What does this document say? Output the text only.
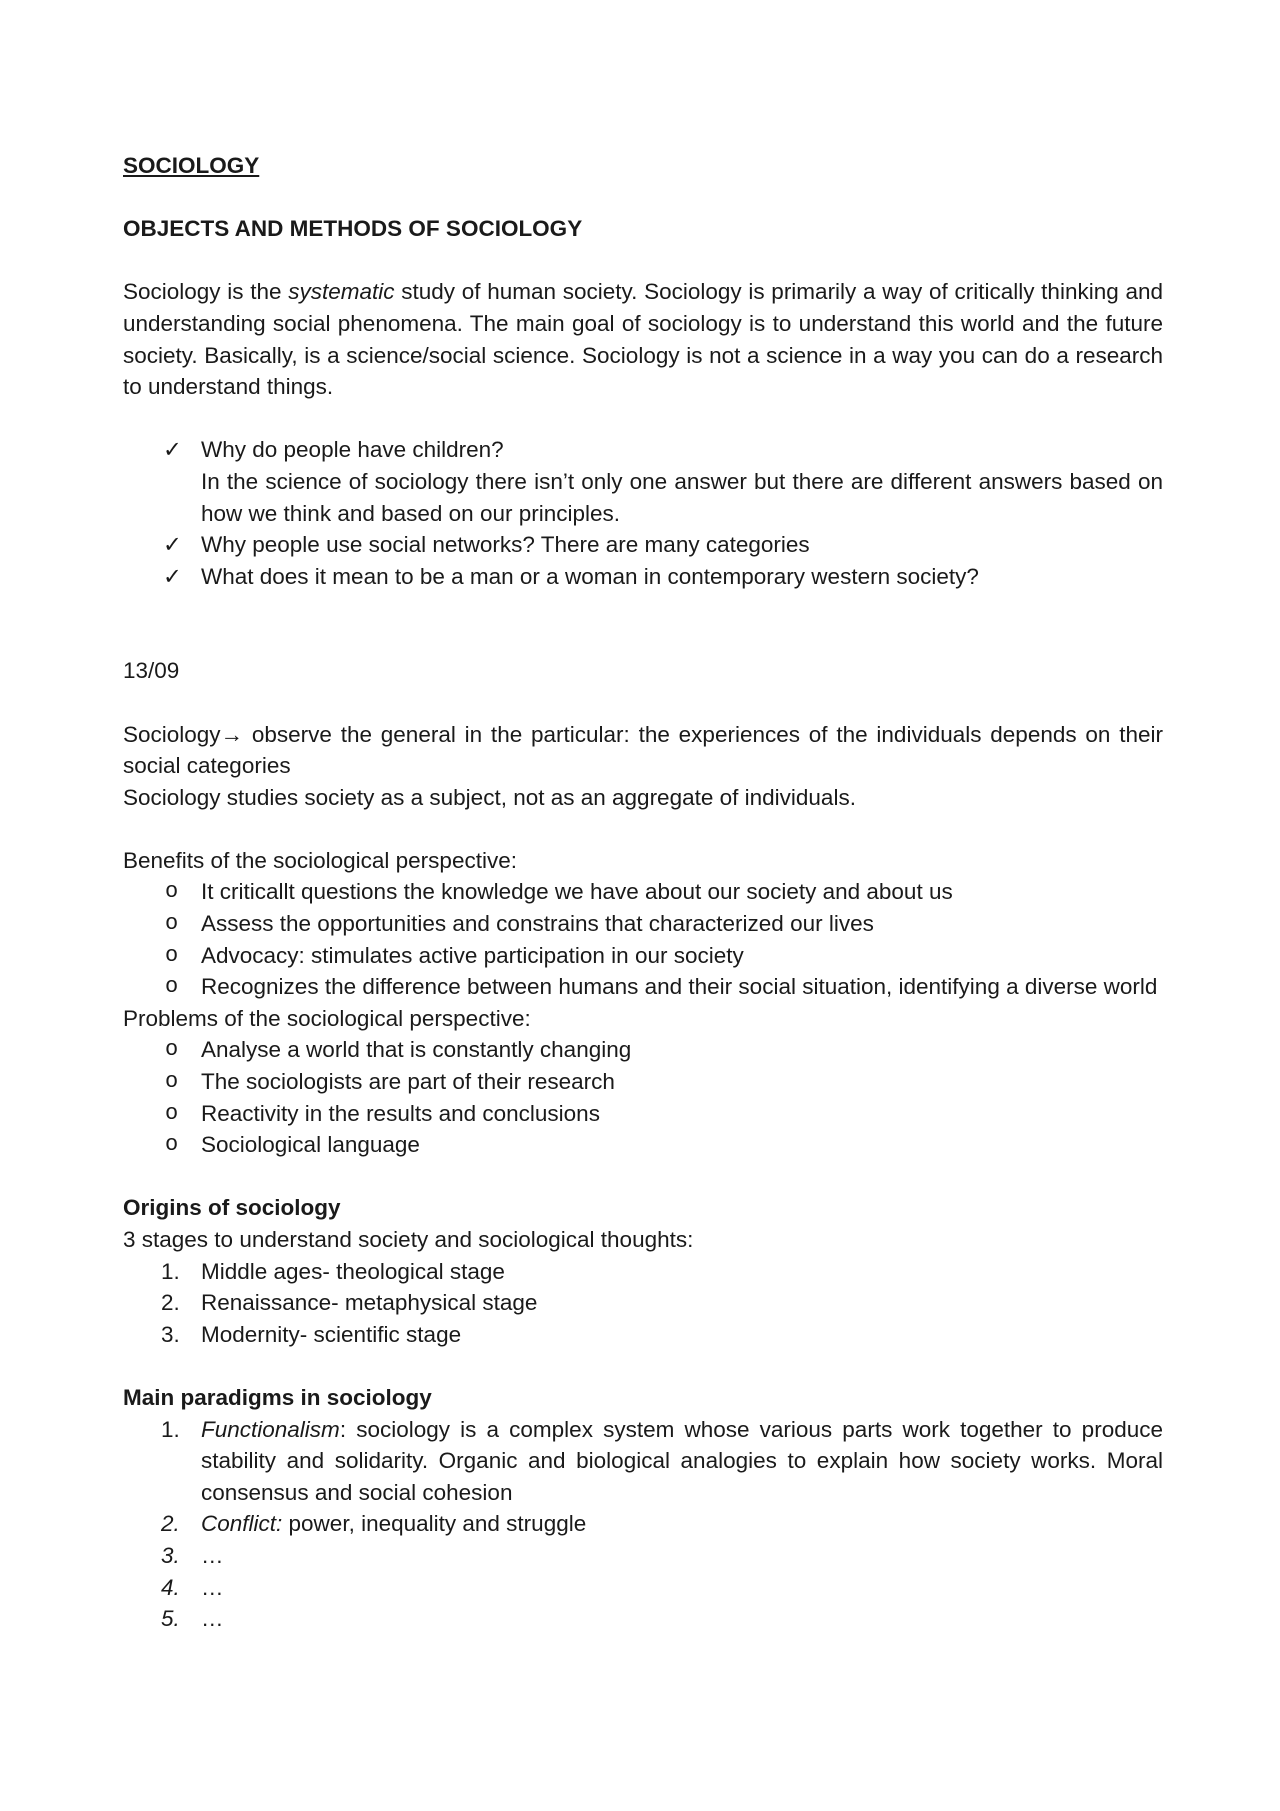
SOCIOLOGY

OBJECTS AND METHODS OF SOCIOLOGY

Sociology is the systematic study of human society. Sociology is primarily a way of critically thinking and understanding social phenomena. The main goal of sociology is to understand this world and the future society. Basically, is a science/social science. Sociology is not a science in a way you can do a research to understand things.

✓ Why do people have children?
In the science of sociology there isn’t only one answer but there are different answers based on how we think and based on our principles.
✓ Why people use social networks? There are many categories
✓ What does it mean to be a man or a woman in contemporary western society?

13/09

Sociology→ observe the general in the particular: the experiences of the individuals depends on their social categories

Sociology studies society as a subject, not as an aggregate of individuals.

Benefits of the sociological perspective:

o It criticallt questions the knowledge we have about our society and about us
o Assess the opportunities and constrains that characterized our lives
o Advocacy: stimulates active participation in our society
o Recognizes the difference between humans and their social situation, identifying a diverse world

Problems of the sociological perspective:

o Analyse a world that is constantly changing
o The sociologists are part of their research
o Reactivity in the results and conclusions
o Sociological language

Origins of sociology

3 stages to understand society and sociological thoughts:

1. Middle ages- theological stage
2. Renaissance- metaphysical stage
3. Modernity- scientific stage

Main paradigms in sociology

1. Functionalism: sociology is a complex system whose various parts work together to produce stability and solidarity. Organic and biological analogies to explain how society works. Moral consensus and social cohesion
2. Conflict: power, inequality and struggle
3. …
4. …
5. …
